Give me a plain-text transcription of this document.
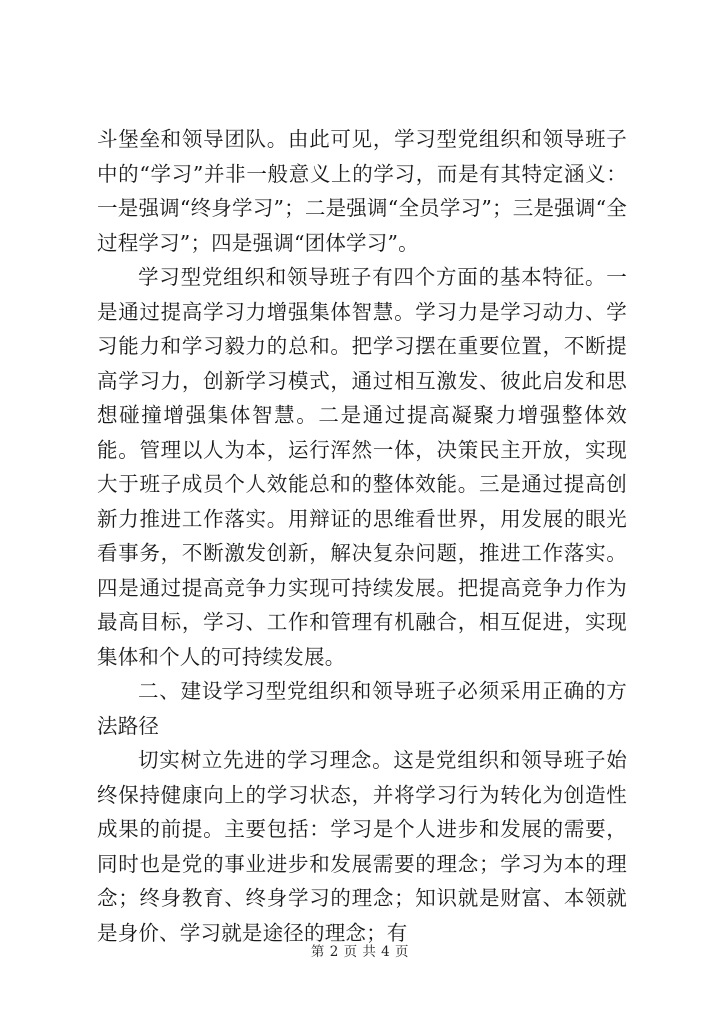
斗堡垒和领导团队。由此可见，学习型党组织和领导班子中的“学习”并非一般意义上的学习，而是有其特定涵义：一是强调“终身学习”；二是强调“全员学习”；三是强调“全过程学习”；四是强调“团体学习”。

学习型党组织和领导班子有四个方面的基本特征。一是通过提高学习力增强集体智慧。学习力是学习动力、学习能力和学习毅力的总和。把学习摆在重要位置，不断提高学习力，创新学习模式，通过相互激发、彼此启发和思想碰撞增强集体智慧。二是通过提高凝聚力增强整体效能。管理以人为本，运行浑然一体，决策民主开放，实现大于班子成员个人效能总和的整体效能。三是通过提高创新力推进工作落实。用辩证的思维看世界，用发展的眼光看事务，不断激发创新，解决复杂问题，推进工作落实。四是通过提高竞争力实现可持续发展。把提高竞争力作为最高目标，学习、工作和管理有机融合，相互促进，实现集体和个人的可持续发展。

二、建设学习型党组织和领导班子必须采用正确的方法路径

切实树立先进的学习理念。这是党组织和领导班子始终保持健康向上的学习状态，并将学习行为转化为创造性成果的前提。主要包括：学习是个人进步和发展的需要，同时也是党的事业进步和发展需要的理念；学习为本的理念；终身教育、终身学习的理念；知识就是财富、本领就是身价、学习就是途径的理念；有

第 2 页 共 4 页
